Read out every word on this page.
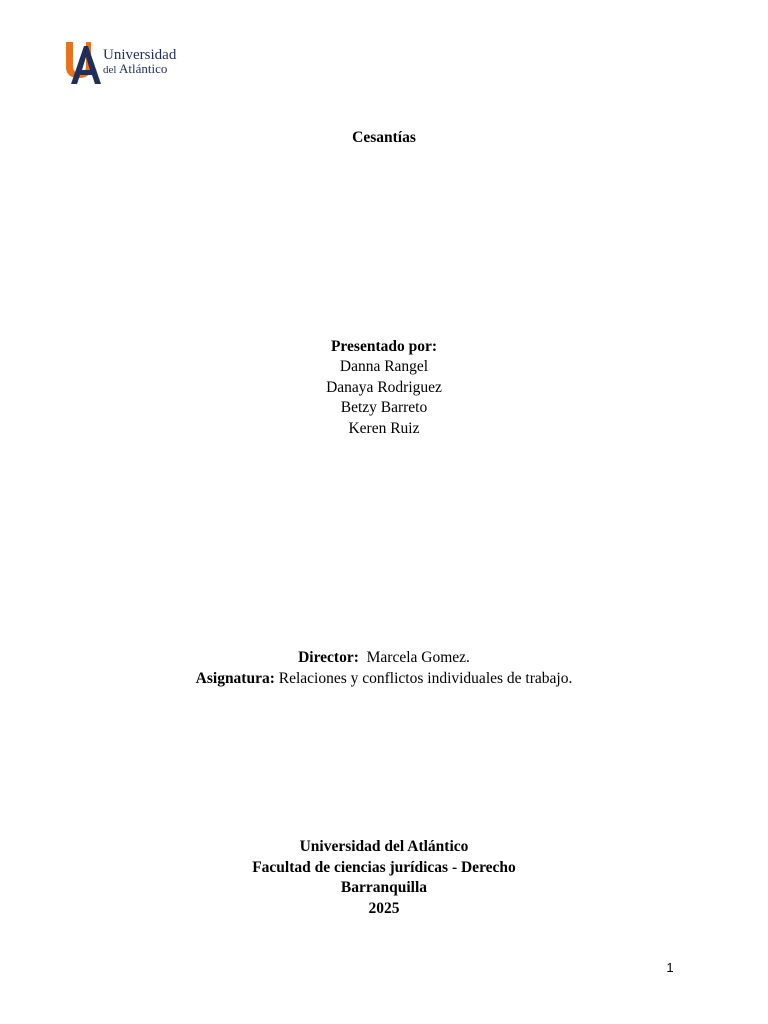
Universidad
del Atlántico
Cesantías
Presentado por:
Danna Rangel
Danaya Rodriguez
Betzy Barreto
Keren Ruiz
Director: Marcela Gomez.
Asignatura: Relaciones y conflictos individuales de trabajo.
Universidad del Atlántico
Facultad de ciencias jurídicas - Derecho
Barranquilla
2025
1
